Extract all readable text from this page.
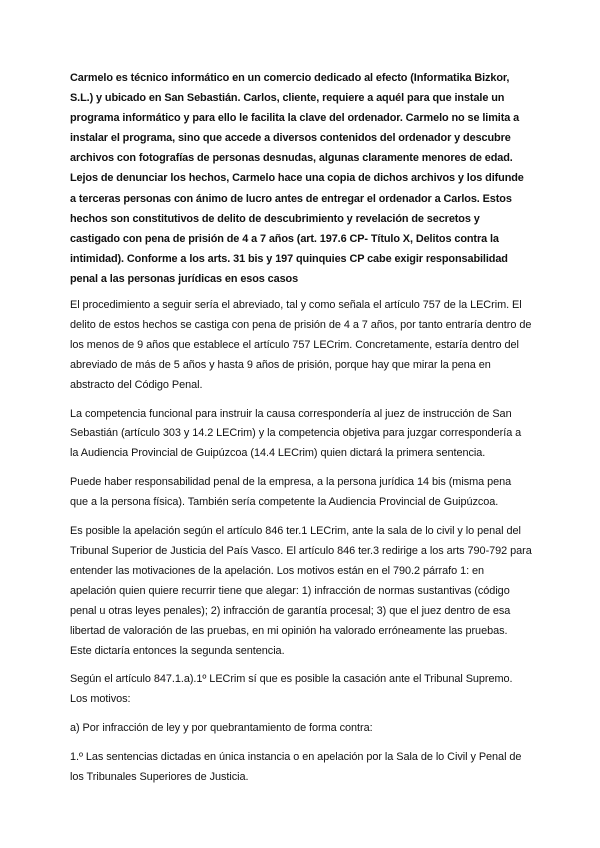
Carmelo es técnico informático en un comercio dedicado al efecto (Informatika Bizkor, S.L.) y ubicado en San Sebastián. Carlos, cliente, requiere a aquél para que instale un programa informático y para ello le facilita la clave del ordenador. Carmelo no se limita a instalar el programa, sino que accede a diversos contenidos del ordenador y descubre archivos con fotografías de personas desnudas, algunas claramente menores de edad. Lejos de denunciar los hechos, Carmelo hace una copia de dichos archivos y los difunde a terceras personas con ánimo de lucro antes de entregar el ordenador a Carlos. Estos hechos son constitutivos de delito de descubrimiento y revelación de secretos y castigado con pena de prisión de 4 a 7 años (art. 197.6 CP- Título X, Delitos contra la intimidad). Conforme a los arts. 31 bis y 197 quinquies CP cabe exigir responsabilidad penal a las personas jurídicas en esos casos

El procedimiento a seguir sería el abreviado, tal y como señala el artículo 757 de la LECrim. El delito de estos hechos se castiga con pena de prisión de 4 a 7 años, por tanto entraría dentro de los menos de 9 años que establece el artículo 757 LECrim. Concretamente, estaría dentro del abreviado de más de 5 años y hasta 9 años de prisión, porque hay que mirar la pena en abstracto del Código Penal.

La competencia funcional para instruir la causa correspondería al juez de instrucción de San Sebastián (artículo 303 y 14.2 LECrim) y la competencia objetiva para juzgar correspondería a la Audiencia Provincial de Guipúzcoa (14.4 LECrim) quien dictará la primera sentencia.

Puede haber responsabilidad penal de la empresa, a la persona jurídica 14 bis (misma pena que a la persona física). También sería competente la Audiencia Provincial de Guipúzcoa.

Es posible la apelación según el artículo 846 ter.1 LECrim, ante la sala de lo civil y lo penal del Tribunal Superior de Justicia del País Vasco. El artículo 846 ter.3 redirige a los arts 790-792 para entender las motivaciones de la apelación. Los motivos están en el 790.2 párrafo 1: en apelación quien quiere recurrir tiene que alegar: 1) infracción de normas sustantivas (código penal u otras leyes penales); 2) infracción de garantía procesal; 3) que el juez dentro de esa libertad de valoración de las pruebas, en mi opinión ha valorado erróneamente las pruebas. Este dictaría entonces la segunda sentencia.

Según el artículo 847.1.a).1º LECrim sí que es posible la casación ante el Tribunal Supremo. Los motivos:

a) Por infracción de ley y por quebrantamiento de forma contra:

1.º Las sentencias dictadas en única instancia o en apelación por la Sala de lo Civil y Penal de los Tribunales Superiores de Justicia.
